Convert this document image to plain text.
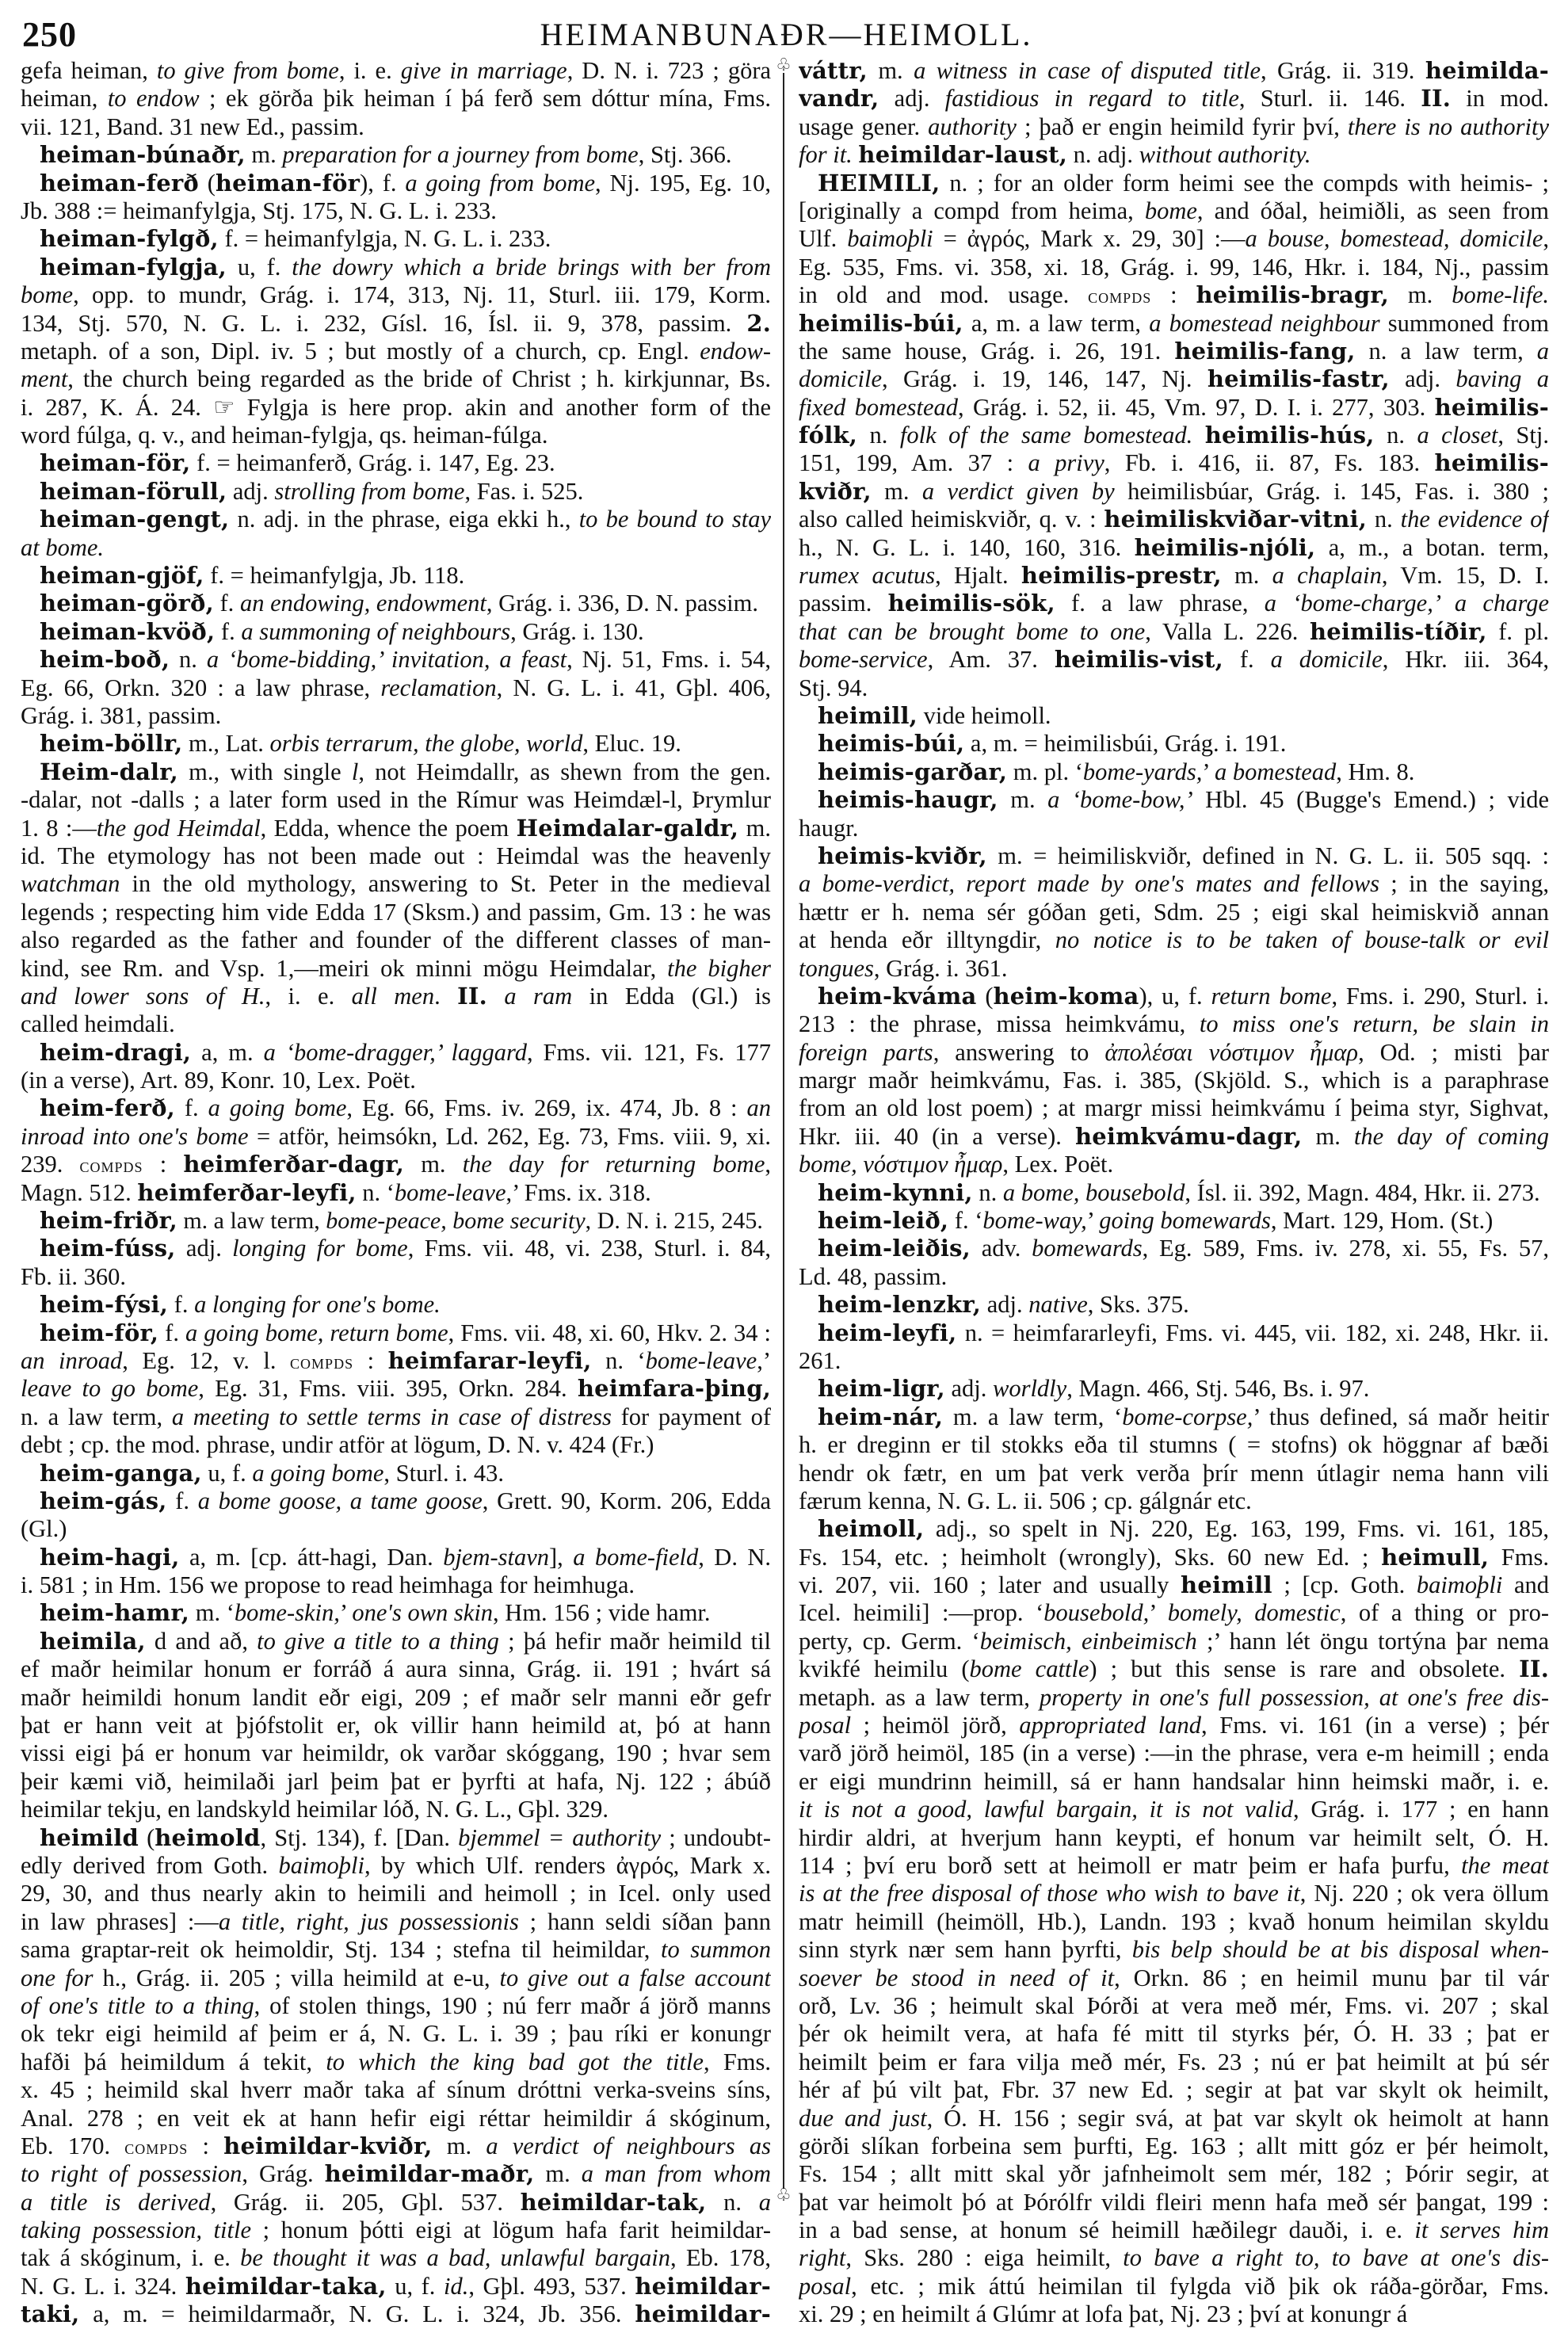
250	HEIMANBUNAÐR—HEIMOLL.
gefa heiman, to give from bome, i. e. give in marriage, D. N. i. 723 ; göra
heiman, to endow ; ek görða þik heiman í þá ferð sem dóttur mína, Fms.
vii. 121, Band. 31 new Ed., passim.
heiman-búnaðr, m. preparation for a journey from bome, Stj. 366.
heiman-ferð (heiman-för), f. a going from bome, Nj. 195, Eg. 10,
Jb. 388 := heimanfylgja, Stj. 175, N. G. L. i. 233.
heiman-fylgð, f. = heimanfylgja, N. G. L. i. 233.
heiman-fylgja, u, f. the dowry which a bride brings with ber from
bome, opp. to mundr, Grág. i. 174, 313, Nj. 11, Sturl. iii. 179, Korm.
134, Stj. 570, N. G. L. i. 232, Gísl. 16, Ísl. ii. 9, 378, passim. 2.
metaph. of a son, Dipl. iv. 5 ; but mostly of a church, cp. Engl. endow-
ment, the church being regarded as the bride of Christ ; h. kirkjunnar, Bs.
i. 287, K. Á. 24. ☞ Fylgja is here prop. akin and another form of the
word fúlga, q. v., and heiman-fylgja, qs. heiman-fúlga.
heiman-för, f. = heimanferð, Grág. i. 147, Eg. 23.
heiman-förull, adj. strolling from bome, Fas. i. 525.
heiman-gengt, n. adj. in the phrase, eiga ekki h., to be bound to stay
at bome.
heiman-gjöf, f. = heimanfylgja, Jb. 118.
heiman-görð, f. an endowing, endowment, Grág. i. 336, D. N. passim.
heiman-kvöð, f. a summoning of neighbours, Grág. i. 130.
heim-boð, n. a ‘bome-bidding,’ invitation, a feast, Nj. 51, Fms. i. 54,
Eg. 66, Orkn. 320 : a law phrase, reclamation, N. G. L. i. 41, Gþl. 406,
Grág. i. 381, passim.
heim-böllr, m., Lat. orbis terrarum, the globe, world, Eluc. 19.
Heim-dalr, m., with single l, not Heimdallr, as shewn from the gen.
-dalar, not -dalls ; a later form used in the Rímur was Heimdæl-l, Þrymlur
1. 8 :—the god Heimdal, Edda, whence the poem Heimdalar-galdr, m.
id. The etymology has not been made out : Heimdal was the heavenly
watchman in the old mythology, answering to St. Peter in the medieval
legends ; respecting him vide Edda 17 (Sksm.) and passim, Gm. 13 : he was
also regarded as the father and founder of the different classes of man-
kind, see Rm. and Vsp. 1,—meiri ok minni mögu Heimdalar, the bigher
and lower sons of H., i. e. all men. II. a ram in Edda (Gl.) is
called heimdali.
heim-dragi, a, m. a ‘bome-dragger,’ laggard, Fms. vii. 121, Fs. 177
(in a verse), Art. 89, Konr. 10, Lex. Poët.
heim-ferð, f. a going bome, Eg. 66, Fms. iv. 269, ix. 474, Jb. 8 : an
inroad into one's bome = atför, heimsókn, Ld. 262, Eg. 73, Fms. viii. 9, xi.
239. compds : heimferðar-dagr, m. the day for returning bome,
Magn. 512. heimferðar-leyfi, n. ‘bome-leave,’ Fms. ix. 318.
heim-friðr, m. a law term, bome-peace, bome security, D. N. i. 215, 245.
heim-fúss, adj. longing for bome, Fms. vii. 48, vi. 238, Sturl. i. 84,
Fb. ii. 360.
heim-fýsi, f. a longing for one's bome.
heim-för, f. a going bome, return bome, Fms. vii. 48, xi. 60, Hkv. 2. 34 :
an inroad, Eg. 12, v. l. compds : heimfarar-leyfi, n. ‘bome-leave,’
leave to go bome, Eg. 31, Fms. viii. 395, Orkn. 284. heimfara-þing,
n. a law term, a meeting to settle terms in case of distress for payment of
debt ; cp. the mod. phrase, undir atför at lögum, D. N. v. 424 (Fr.)
heim-ganga, u, f. a going bome, Sturl. i. 43.
heim-gás, f. a bome goose, a tame goose, Grett. 90, Korm. 206, Edda
(Gl.)
heim-hagi, a, m. [cp. átt-hagi, Dan. bjem-stavn], a bome-field, D. N.
i. 581 ; in Hm. 156 we propose to read heimhaga for heimhuga.
heim-hamr, m. ‘bome-skin,’ one's own skin, Hm. 156 ; vide hamr.
heimila, d and að, to give a title to a thing ; þá hefir maðr heimild til
ef maðr heimilar honum er forráð á aura sinna, Grág. ii. 191 ; hvárt sá
maðr heimildi honum landit eðr eigi, 209 ; ef maðr selr manni eðr gefr
þat er hann veit at þjófstolit er, ok villir hann heimild at, þó at hann
vissi eigi þá er honum var heimildr, ok varðar skóggang, 190 ; hvar sem
þeir kæmi við, heimilaði jarl þeim þat er þyrfti at hafa, Nj. 122 ; ábúð
heimilar tekju, en landskyld heimilar lóð, N. G. L., Gþl. 329.
heimild (heimold, Stj. 134), f. [Dan. bjemmel = authority ; undoubt-
edly derived from Goth. baimoþli, by which Ulf. renders ἀγρός, Mark x.
29, 30, and thus nearly akin to heimili and heimoll ; in Icel. only used
in law phrases] :—a title, right, jus possessionis ; hann seldi síðan þann
sama graptar-reit ok heimoldir, Stj. 134 ; stefna til heimildar, to summon
one for h., Grág. ii. 205 ; villa heimild at e-u, to give out a false account
of one's title to a thing, of stolen things, 190 ; nú ferr maðr á jörð manns
ok tekr eigi heimild af þeim er á, N. G. L. i. 39 ; þau ríki er konungr
hafði þá heimildum á tekit, to which the king bad got the title, Fms.
x. 45 ; heimild skal hverr maðr taka af sínum dróttni verka-sveins síns,
Anal. 278 ; en veit ek at hann hefir eigi réttar heimildir á skóginum,
Eb. 170. compds : heimildar-kviðr, m. a verdict of neighbours as
to right of possession, Grág. heimildar-maðr, m. a man from whom
a title is derived, Grág. ii. 205, Gþl. 537. heimildar-tak, n. a
taking possession, title ; honum þótti eigi at lögum hafa farit heimildar-
tak á skóginum, i. e. be thought it was a bad, unlawful bargain, Eb. 178,
N. G. L. i. 324. heimildar-taka, u, f. id., Gþl. 493, 537. heimildar-
taki, a, m. = heimildarmaðr, N. G. L. i. 324, Jb. 356. heimildar-
♧
♧
váttr, m. a witness in case of disputed title, Grág. ii. 319. heimilda-
vandr, adj. fastidious in regard to title, Sturl. ii. 146. II. in mod.
usage gener. authority ; það er engin heimild fyrir því, there is no authority
for it. heimildar-laust, n. adj. without authority.
HEIMILI, n. ; for an older form heimi see the compds with heimis- ;
[originally a compd from heima, bome, and óðal, heimiðli, as seen from
Ulf. baimoþli = ἀγρός, Mark x. 29, 30] :—a bouse, bomestead, domicile,
Eg. 535, Fms. vi. 358, xi. 18, Grág. i. 99, 146, Hkr. i. 184, Nj., passim
in old and mod. usage. compds : heimilis-bragr, m. bome-life.
heimilis-búi, a, m. a law term, a bomestead neighbour summoned from
the same house, Grág. i. 26, 191. heimilis-fang, n. a law term, a
domicile, Grág. i. 19, 146, 147, Nj. heimilis-fastr, adj. baving a
fixed bomestead, Grág. i. 52, ii. 45, Vm. 97, D. I. i. 277, 303. heimilis-
fólk, n. folk of the same bomestead. heimilis-hús, n. a closet, Stj.
151, 199, Am. 37 : a privy, Fb. i. 416, ii. 87, Fs. 183. heimilis-
kviðr, m. a verdict given by heimilisbúar, Grág. i. 145, Fas. i. 380 ;
also called heimiskviðr, q. v. : heimiliskviðar-vitni, n. the evidence of
h., N. G. L. i. 140, 160, 316. heimilis-njóli, a, m., a botan. term,
rumex acutus, Hjalt. heimilis-prestr, m. a chaplain, Vm. 15, D. I.
passim. heimilis-sök, f. a law phrase, a ‘bome-charge,’ a charge
that can be brought bome to one, Valla L. 226. heimilis-tíðir, f. pl.
bome-service, Am. 37. heimilis-vist, f. a domicile, Hkr. iii. 364,
Stj. 94.
heimill, vide heimoll.
heimis-búi, a, m. = heimilisbúi, Grág. i. 191.
heimis-garðar, m. pl. ‘bome-yards,’ a bomestead, Hm. 8.
heimis-haugr, m. a ‘bome-bow,’ Hbl. 45 (Bugge's Emend.) ; vide
haugr.
heimis-kviðr, m. = heimiliskviðr, defined in N. G. L. ii. 505 sqq. :
a bome-verdict, report made by one's mates and fellows ; in the saying,
hættr er h. nema sér góðan geti, Sdm. 25 ; eigi skal heimiskvið annan
at henda eðr illtyngdir, no notice is to be taken of bouse-talk or evil
tongues, Grág. i. 361.
heim-kváma (heim-koma), u, f. return bome, Fms. i. 290, Sturl. i.
213 : the phrase, missa heimkvámu, to miss one's return, be slain in
foreign parts, answering to ἀπολέσαι νόστιμον ἦμαρ, Od. ; misti þar
margr maðr heimkvámu, Fas. i. 385, (Skjöld. S., which is a paraphrase
from an old lost poem) ; at margr missi heimkvámu í þeima styr, Sighvat,
Hkr. iii. 40 (in a verse). heimkvámu-dagr, m. the day of coming
bome, νόστιμον ἦμαρ, Lex. Poët.
heim-kynni, n. a bome, bousebold, Ísl. ii. 392, Magn. 484, Hkr. ii. 273.
heim-leið, f. ‘bome-way,’ going bomewards, Mart. 129, Hom. (St.)
heim-leiðis, adv. bomewards, Eg. 589, Fms. iv. 278, xi. 55, Fs. 57,
Ld. 48, passim.
heim-lenzkr, adj. native, Sks. 375.
heim-leyfi, n. = heimfararleyfi, Fms. vi. 445, vii. 182, xi. 248, Hkr. ii.
261.
heim-ligr, adj. worldly, Magn. 466, Stj. 546, Bs. i. 97.
heim-nár, m. a law term, ‘bome-corpse,’ thus defined, sá maðr heitir
h. er dreginn er til stokks eða til stumns ( = stofns) ok höggnar af bæði
hendr ok fætr, en um þat verk verða þrír menn útlagir nema hann vili
færum kenna, N. G. L. ii. 506 ; cp. gálgnár etc.
heimoll, adj., so spelt in Nj. 220, Eg. 163, 199, Fms. vi. 161, 185,
Fs. 154, etc. ; heimholt (wrongly), Sks. 60 new Ed. ; heimull, Fms.
vi. 207, vii. 160 ; later and usually heimill ; [cp. Goth. baimoþli and
Icel. heimili] :—prop. ‘bousebold,’ bomely, domestic, of a thing or pro-
perty, cp. Germ. ‘beimisch, einbeimisch ;’ hann lét öngu tortýna þar nema
kvikfé heimilu (bome cattle) ; but this sense is rare and obsolete. II.
metaph. as a law term, property in one's full possession, at one's free dis-
posal ; heimöl jörð, appropriated land, Fms. vi. 161 (in a verse) ; þér
varð jörð heimöl, 185 (in a verse) :—in the phrase, vera e-m heimill ; enda
er eigi mundrinn heimill, sá er hann handsalar hinn heimski maðr, i. e.
it is not a good, lawful bargain, it is not valid, Grág. i. 177 ; en hann
hirdir aldri, at hverjum hann keypti, ef honum var heimilt selt, Ó. H.
114 ; því eru borð sett at heimoll er matr þeim er hafa þurfu, the meat
is at the free disposal of those who wish to bave it, Nj. 220 ; ok vera öllum
matr heimill (heimöll, Hb.), Landn. 193 ; kvað honum heimilan skyldu
sinn styrk nær sem hann þyrfti, bis belp should be at bis disposal when-
soever be stood in need of it, Orkn. 86 ; en heimil munu þar til vár
orð, Lv. 36 ; heimult skal Þórði at vera með mér, Fms. vi. 207 ; skal
þér ok heimilt vera, at hafa fé mitt til styrks þér, Ó. H. 33 ; þat er
heimilt þeim er fara vilja með mér, Fs. 23 ; nú er þat heimilt at þú sér
hér af þú vilt þat, Fbr. 37 new Ed. ; segir at þat var skylt ok heimilt,
due and just, Ó. H. 156 ; segir svá, at þat var skylt ok heimolt at hann
görði slíkan forbeina sem þurfti, Eg. 163 ; allt mitt góz er þér heimolt,
Fs. 154 ; allt mitt skal yðr jafnheimolt sem mér, 182 ; Þórir segir, at
þat var heimolt þó at Þórólfr vildi fleiri menn hafa með sér þangat, 199 :
in a bad sense, at honum sé heimill hæðilegr dauði, i. e. it serves him
right, Sks. 280 : eiga heimilt, to bave a right to, to bave at one's dis-
posal, etc. ; mik áttú heimilan til fylgda við þik ok ráða-görðar, Fms.
xi. 29 ; en heimilt á Glúmr at lofa þat, Nj. 23 ; því at konungr á
